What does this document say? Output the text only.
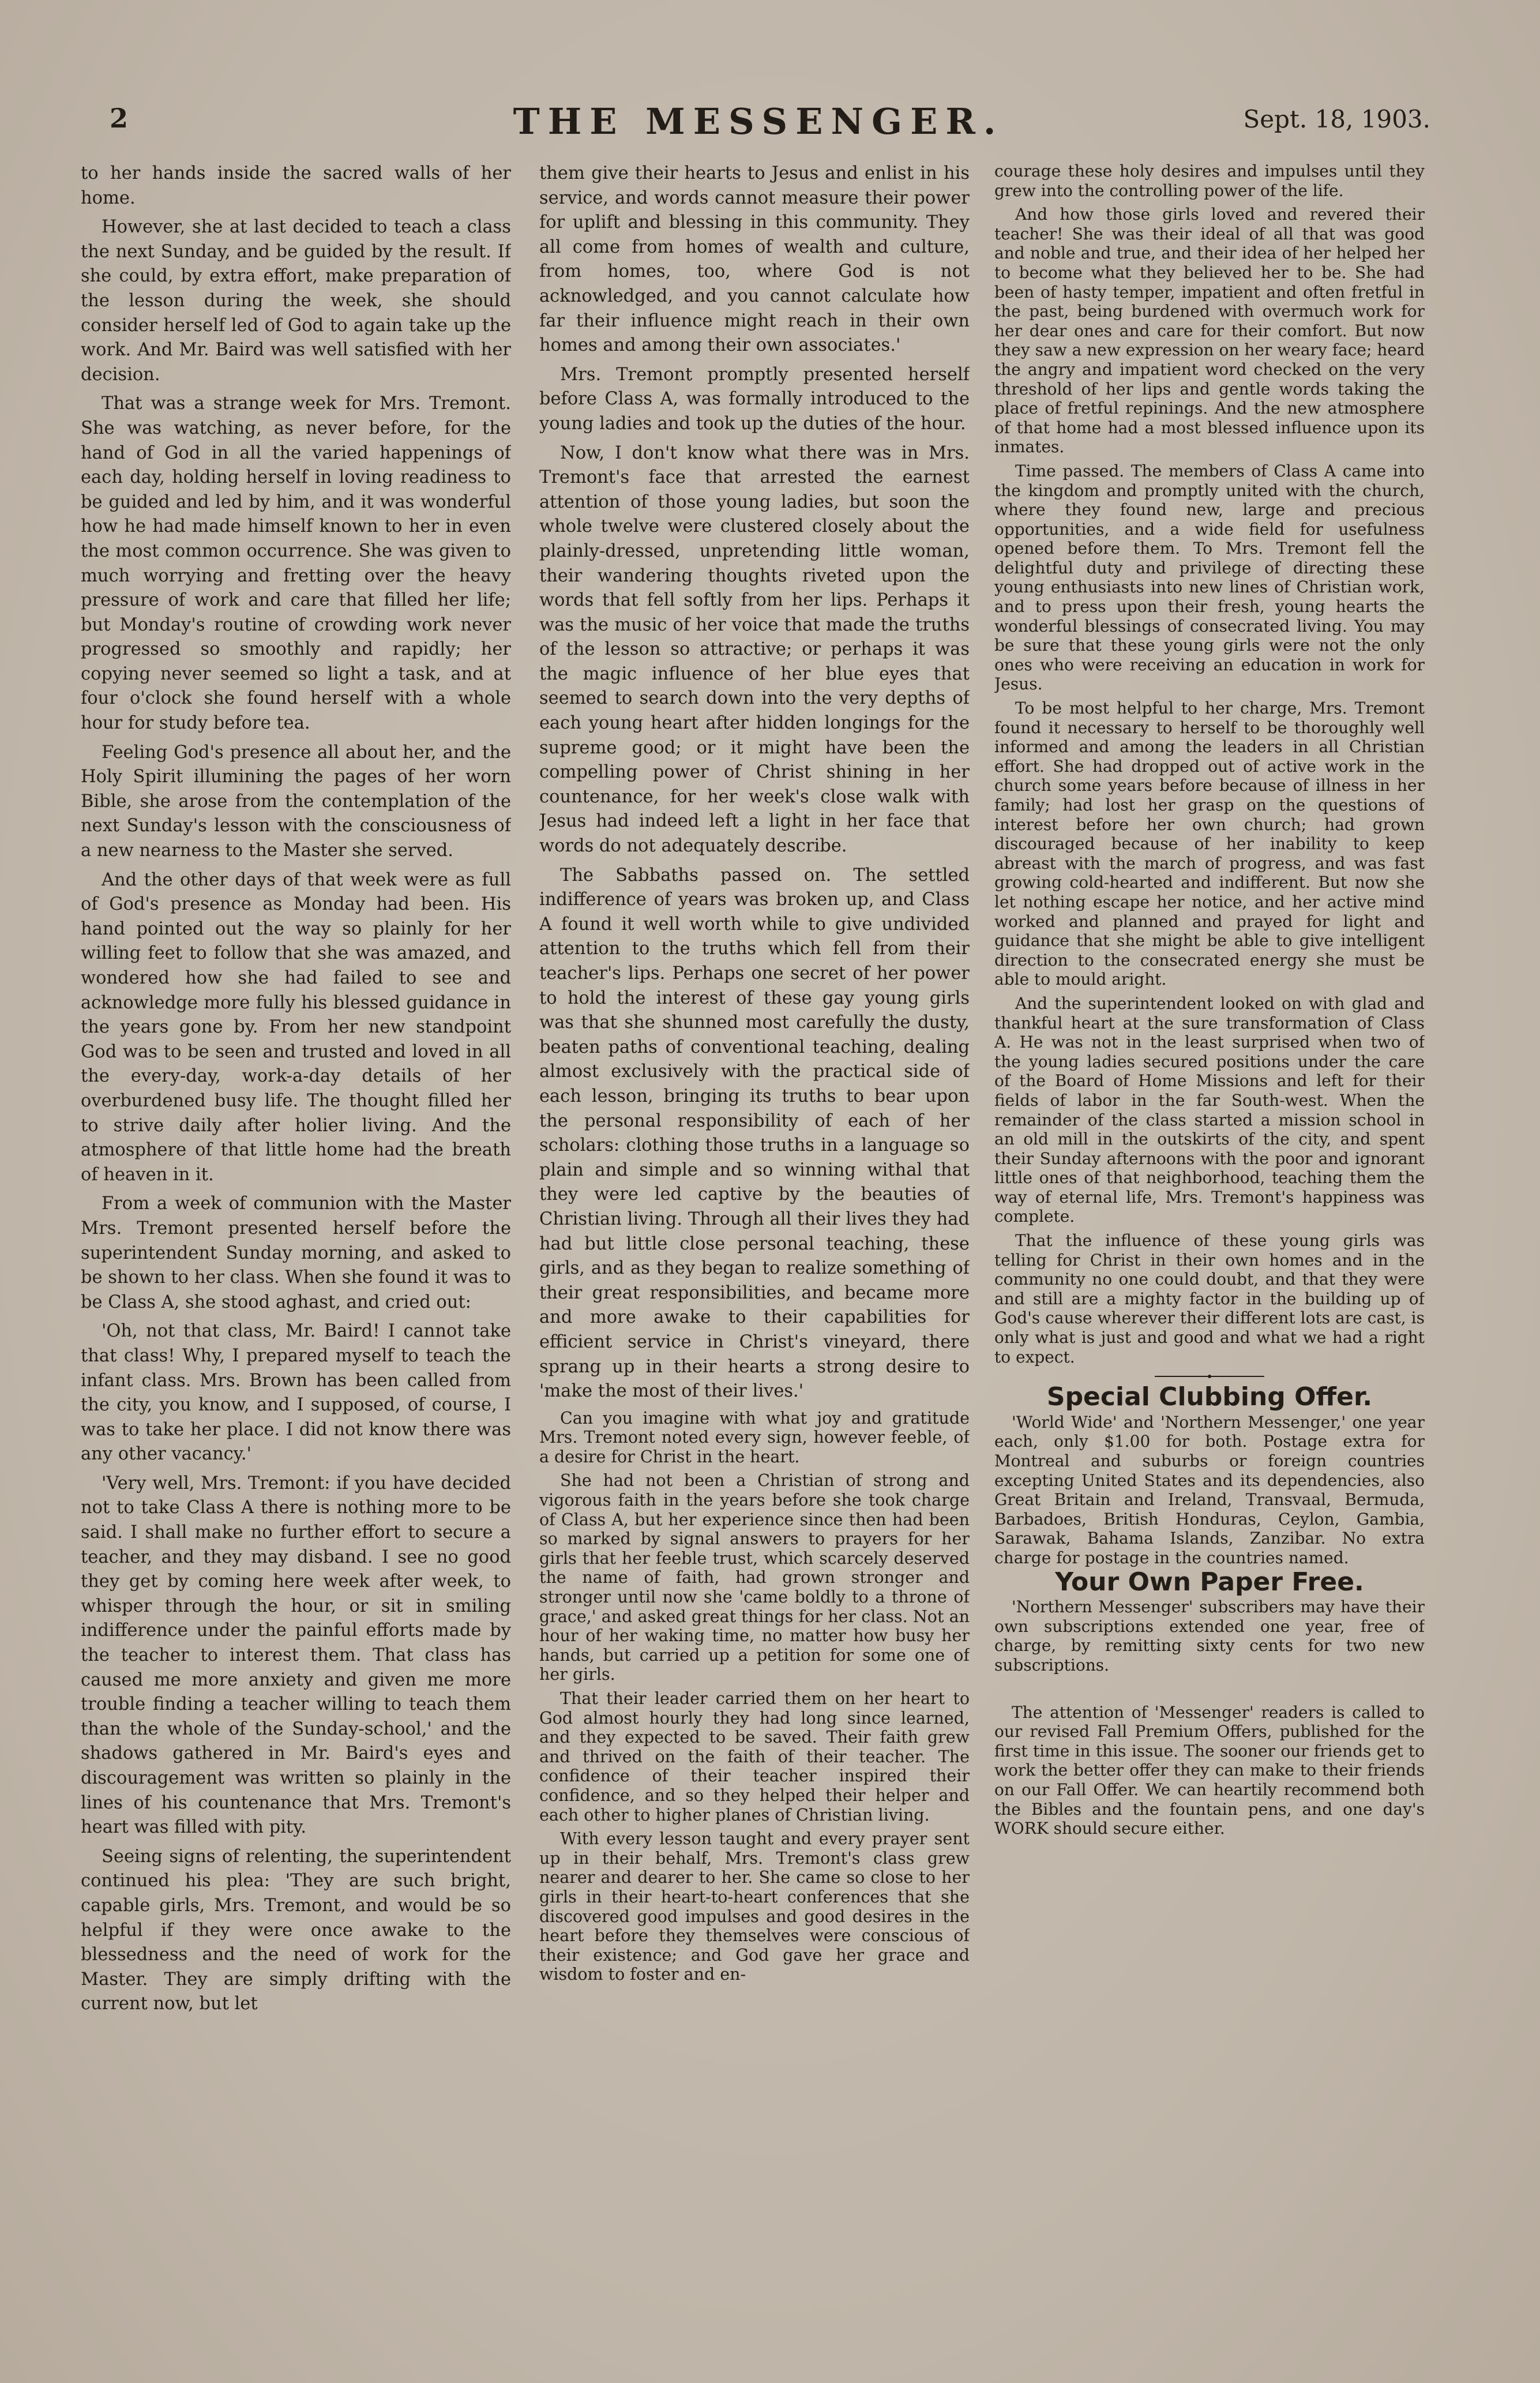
2	THE MESSENGER.	Sept. 18, 1903.

to her hands inside the sacred walls of her home.

However, she at last decided to teach a class the next Sunday, and be guided by the result. If she could, by extra effort, make preparation of the lesson during the week, she should consider herself led of God to again take up the work. And Mr. Baird was well satisfied with her decision.

That was a strange week for Mrs. Tremont. She was watching, as never before, for the hand of God in all the varied happenings of each day, holding herself in loving readiness to be guided and led by him, and it was wonderful how he had made himself known to her in even the most common occurrence. She was given to much worrying and fretting over the heavy pressure of work and care that filled her life; but Monday's routine of crowding work never progressed so smoothly and rapidly; her copying never seemed so light a task, and at four o'clock she found herself with a whole hour for study before tea.

Feeling God's presence all about her, and the Holy Spirit illumining the pages of her worn Bible, she arose from the contemplation of the next Sunday's lesson with the consciousness of a new nearness to the Master she served.

And the other days of that week were as full of God's presence as Monday had been. His hand pointed out the way so plainly for her willing feet to follow that she was amazed, and wondered how she had failed to see and acknowledge more fully his blessed guidance in the years gone by. From her new standpoint God was to be seen and trusted and loved in all the every-day, work-a-day details of her overburdened busy life. The thought filled her to strive daily after holier living. And the atmosphere of that little home had the breath of heaven in it.

From a week of communion with the Master Mrs. Tremont presented herself before the superintendent Sunday morning, and asked to be shown to her class. When she found it was to be Class A, she stood aghast, and cried out:

'Oh, not that class, Mr. Baird! I cannot take that class! Why, I prepared myself to teach the infant class. Mrs. Brown has been called from the city, you know, and I supposed, of course, I was to take her place. I did not know there was any other vacancy.'

'Very well, Mrs. Tremont: if you have decided not to take Class A there is nothing more to be said. I shall make no further effort to secure a teacher, and they may disband. I see no good they get by coming here week after week, to whisper through the hour, or sit in smiling indifference under the painful efforts made by the teacher to interest them. That class has caused me more anxiety and given me more trouble finding a teacher willing to teach them than the whole of the Sunday-school,' and the shadows gathered in Mr. Baird's eyes and discouragement was written so plainly in the lines of his countenance that Mrs. Tremont's heart was filled with pity.

Seeing signs of relenting, the superintendent continued his plea: 'They are such bright, capable girls, Mrs. Tremont, and would be so helpful if they were once awake to the blessedness and the need of work for the Master. They are simply drifting with the current now, but let

them give their hearts to Jesus and enlist in his service, and words cannot measure their power for uplift and blessing in this community. They all come from homes of wealth and culture, from homes, too, where God is not acknowledged, and you cannot calculate how far their influence might reach in their own homes and among their own associates.'

Mrs. Tremont promptly presented herself before Class A, was formally introduced to the young ladies and took up the duties of the hour.

Now, I don't know what there was in Mrs. Tremont's face that arrested the earnest attention of those young ladies, but soon the whole twelve were clustered closely about the plainly-dressed, unpretending little woman, their wandering thoughts riveted upon the words that fell softly from her lips. Perhaps it was the music of her voice that made the truths of the lesson so attractive; or perhaps it was the magic influence of her blue eyes that seemed to search down into the very depths of each young heart after hidden longings for the supreme good; or it might have been the compelling power of Christ shining in her countenance, for her week's close walk with Jesus had indeed left a light in her face that words do not adequately describe.

The Sabbaths passed on. The settled indifference of years was broken up, and Class A found it well worth while to give undivided attention to the truths which fell from their teacher's lips. Perhaps one secret of her power to hold the interest of these gay young girls was that she shunned most carefully the dusty, beaten paths of conventional teaching, dealing almost exclusively with the practical side of each lesson, bringing its truths to bear upon the personal responsibility of each of her scholars: clothing those truths in a language so plain and simple and so winning withal that they were led captive by the beauties of Christian living. Through all their lives they had had but little close personal teaching, these girls, and as they began to realize something of their great responsibilities, and became more and more awake to their capabilities for efficient service in Christ's vineyard, there sprang up in their hearts a strong desire to 'make the most of their lives.'

Can you imagine with what joy and gratitude Mrs. Tremont noted every sign, however feeble, of a desire for Christ in the heart.

She had not been a Christian of strong and vigorous faith in the years before she took charge of Class A, but her experience since then had been so marked by signal answers to prayers for her girls that her feeble trust, which scarcely deserved the name of faith, had grown stronger and stronger until now she 'came boldly to a throne of grace,' and asked great things for her class. Not an hour of her waking time, no matter how busy her hands, but carried up a petition for some one of her girls.

That their leader carried them on her heart to God almost hourly they had long since learned, and they expected to be saved. Their faith grew and thrived on the faith of their teacher. The confidence of their teacher inspired their confidence, and so they helped their helper and each other to higher planes of Christian living.

With every lesson taught and every prayer sent up in their behalf, Mrs. Tremont's class grew nearer and dearer to her. She came so close to her girls in their heart-to-heart conferences that she discovered good impulses and good desires in the heart before they themselves were conscious of their existence; and God gave her grace and wisdom to foster and en-

courage these holy desires and impulses until they grew into the controlling power of the life.

And how those girls loved and revered their teacher! She was their ideal of all that was good and noble and true, and their idea of her helped her to become what they believed her to be. She had been of hasty temper, impatient and often fretful in the past, being burdened with overmuch work for her dear ones and care for their comfort. But now they saw a new expression on her weary face; heard the angry and impatient word checked on the very threshold of her lips and gentle words taking the place of fretful repinings. And the new atmosphere of that home had a most blessed influence upon its inmates.

Time passed. The members of Class A came into the kingdom and promptly united with the church, where they found new, large and precious opportunities, and a wide field for usefulness opened before them. To Mrs. Tremont fell the delightful duty and privilege of directing these young enthusiasts into new lines of Christian work, and to press upon their fresh, young hearts the wonderful blessings of consecrated living. You may be sure that these young girls were not the only ones who were receiving an education in work for Jesus.

To be most helpful to her charge, Mrs. Tremont found it necessary to herself to be thoroughly well informed and among the leaders in all Christian effort. She had dropped out of active work in the church some years before because of illness in her family; had lost her grasp on the questions of interest before her own church; had grown discouraged because of her inability to keep abreast with the march of progress, and was fast growing cold-hearted and indifferent. But now she let nothing escape her notice, and her active mind worked and planned and prayed for light and guidance that she might be able to give intelligent direction to the consecrated energy she must be able to mould aright.

And the superintendent looked on with glad and thankful heart at the sure transformation of Class A. He was not in the least surprised when two of the young ladies secured positions under the care of the Board of Home Missions and left for their fields of labor in the far South-west. When the remainder of the class started a mission school in an old mill in the outskirts of the city, and spent their Sunday afternoons with the poor and ignorant little ones of that neighborhood, teaching them the way of eternal life, Mrs. Tremont's happiness was complete.

That the influence of these young girls was telling for Christ in their own homes and in the community no one could doubt, and that they were and still are a mighty factor in the building up of God's cause wherever their different lots are cast, is only what is just and good and what we had a right to expect.

Special Clubbing Offer.

'World Wide' and 'Northern Messenger,' one year each, only $1.00 for both. Postage extra for Montreal and suburbs or foreign countries excepting United States and its dependencies, also Great Britain and Ireland, Transvaal, Bermuda, Barbadoes, British Honduras, Ceylon, Gambia, Sarawak, Bahama Islands, Zanzibar. No extra charge for postage in the countries named.

Your Own Paper Free.

'Northern Messenger' subscribers may have their own subscriptions extended one year, free of charge, by remitting sixty cents for two new subscriptions.

The attention of 'Messenger' readers is called to our revised Fall Premium Offers, published for the first time in this issue. The sooner our friends get to work the better offer they can make to their friends on our Fall Offer. We can heartily recommend both the Bibles and the fountain pens, and one day's WORK should secure either.
